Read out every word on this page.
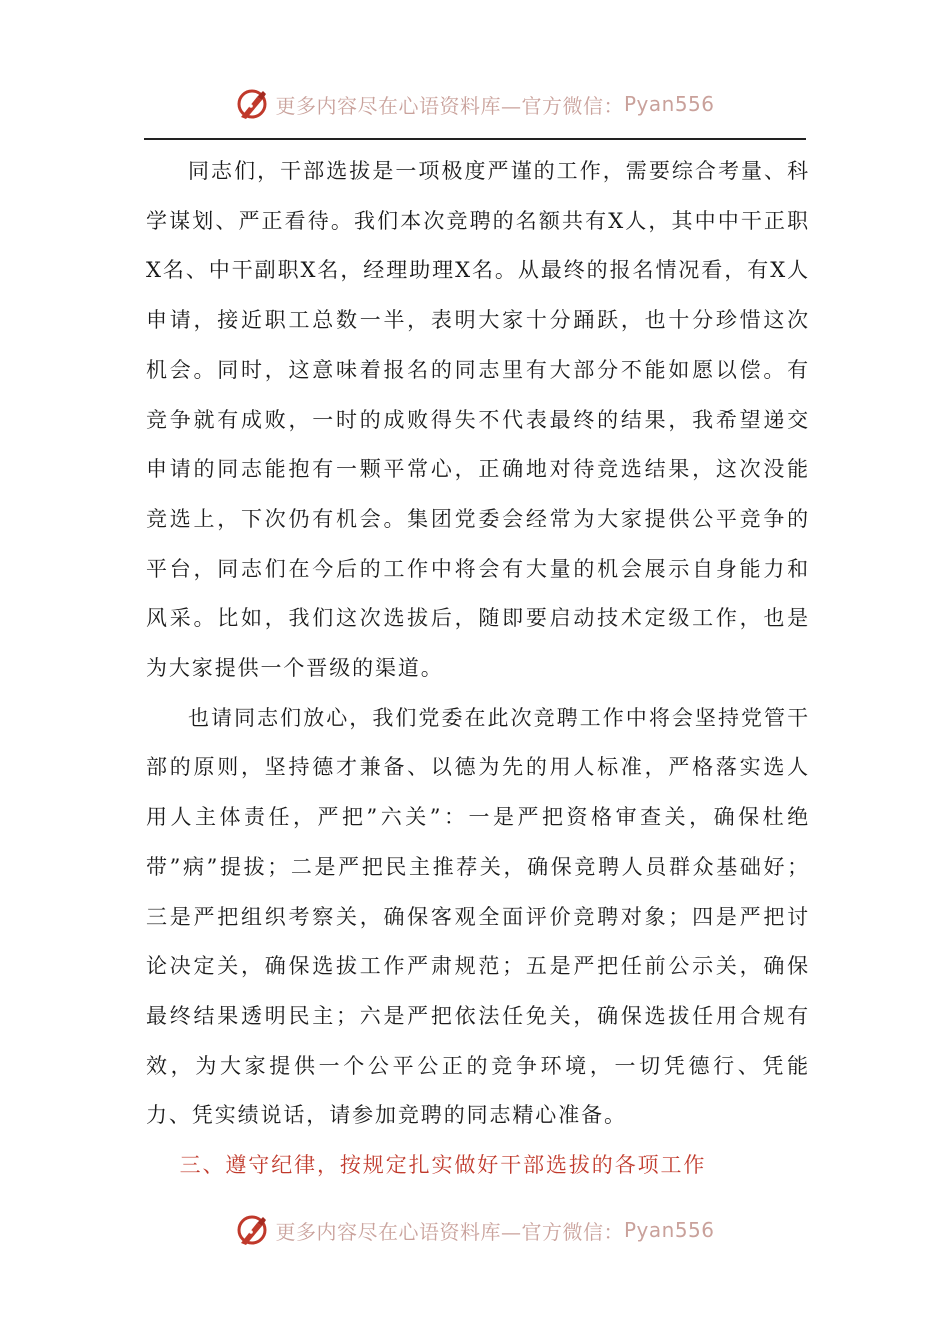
更多内容尽在心语资料库—官方微信： Pyan556

同志们，干部选拔是一项极度严谨的工作，需要综合考量、科学谋划、严正看待。我们本次竞聘的名额共有X人，其中中干正职X名、中干副职X名，经理助理X名。从最终的报名情况看，有X人申请，接近职工总数一半，表明大家十分踊跃，也十分珍惜这次机会。同时，这意味着报名的同志里有大部分不能如愿以偿。有竞争就有成败，一时的成败得失不代表最终的结果，我希望递交申请的同志能抱有一颗平常心，正确地对待竞选结果，这次没能竞选上，下次仍有机会。集团党委会经常为大家提供公平竞争的平台，同志们在今后的工作中将会有大量的机会展示自身能力和风采。比如，我们这次选拔后，随即要启动技术定级工作，也是为大家提供一个晋级的渠道。

也请同志们放心，我们党委在此次竞聘工作中将会坚持党管干部的原则，坚持德才兼备、以德为先的用人标准，严格落实选人用人主体责任，严把”六关”：一是严把资格审查关，确保杜绝带”病”提拔；二是严把民主推荐关，确保竞聘人员群众基础好；三是严把组织考察关，确保客观全面评价竞聘对象；四是严把讨论决定关，确保选拔工作严肃规范；五是严把任前公示关，确保最终结果透明民主；六是严把依法任免关，确保选拔任用合规有效，为大家提供一个公平公正的竞争环境，一切凭德行、凭能力、凭实绩说话，请参加竞聘的同志精心准备。

三、遵守纪律，按规定扎实做好干部选拔的各项工作

更多内容尽在心语资料库—官方微信： Pyan556
